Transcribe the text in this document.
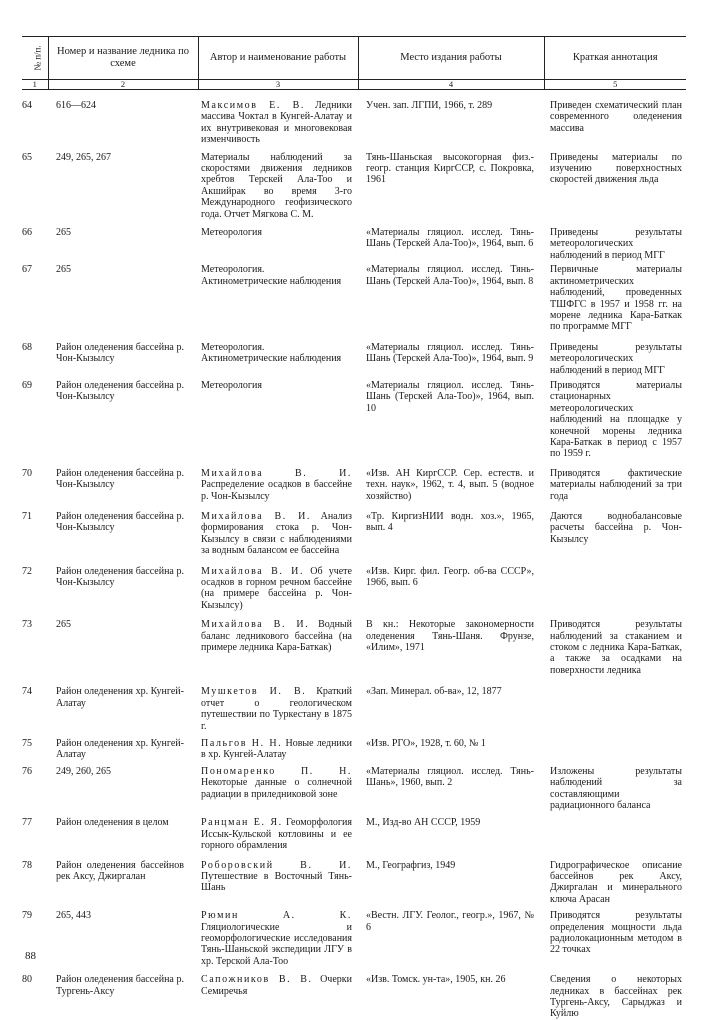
№ п/п.	Номер и название ледника по схеме	Автор и наименование работы	Место издания работы	Краткая аннотация
1	2	3	4	5
64	616—624	Максимов Е. В. Ледники массива Чоктал в Кунгей-Алатау и их внутривековая и многовековая изменчивость	Учен. зап. ЛГПИ, 1966, т. 289	Приведен схематический план современного оледенения массива
65	249, 265, 267	Материалы наблюдений за скоростями движения ледников хребтов Терскей Ала-Тоо и Акшийрак во время 3-го Международного геофизического года. Отчет Мягкова С. М.	Тянь-Шаньская высокогорная физ.-геогр. станция КиргССР, с. Покровка, 1961	Приведены материалы по изучению поверхностных скоростей движения льда
66	265	Метеорология	«Материалы гляциол. исслед. Тянь-Шань (Терскей Ала-Тоо)», 1964, вып. 6	Приведены результаты метеорологических наблюдений в период МГГ
67	265	Метеорология. Актинометрические наблюдения	«Материалы гляциол. исслед. Тянь-Шань (Терскей Ала-Тоо)», 1964, вып. 8	Первичные материалы актинометрических наблюдений, проведенных ТШФГС в 1957 и 1958 гг. на морене ледника Кара-Баткак по программе МГГ
68	Район оледенения бассейна р. Чон-Кызылсу	Метеорология. Актинометрические наблюдения	«Материалы гляциол. исслед. Тянь-Шань (Терскей Ала-Тоо)», 1964, вып. 9	Приведены результаты метеорологических наблюдений в период МГГ
69	Район оледенения бассейна р. Чон-Кызылсу	Метеорология	«Материалы гляциол. исслед. Тянь-Шань (Терскей Ала-Тоо)», 1964, вып. 10	Приводятся материалы стационарных метеорологических наблюдений на площадке у конечной морены ледника Кара-Баткак в период с 1957 по 1959 г.
70	Район оледенения бассейна р. Чон-Кызылсу	Михайлова В. И. Распределение осадков в бассейне р. Чон-Кызылсу	«Изв. АН КиргССР. Сер. естеств. и техн. наук», 1962, т. 4, вып. 5 (водное хозяйство)	Приводятся фактические материалы наблюдений за три года
71	Район оледенения бассейна р. Чон-Кызылсу	Михайлова В. И. Анализ формирования стока р. Чон-Кызылсу в связи с наблюдениями за водным балансом ее бассейна	«Тр. КиргизНИИ водн. хоз.», 1965, вып. 4	Даются воднобалансовые расчеты бассейна р. Чон-Кызылсу
72	Район оледенения бассейна р. Чон-Кызылсу	Михайлова В. И. Об учете осадков в горном речном бассейне (на примере бассейна р. Чон-Кызылсу)	«Изв. Кирг. фил. Геогр. об-ва СССР», 1966, вып. 6	
73	265	Михайлова В. И. Водный баланс ледникового бассейна (на примере ледника Кара-Баткак)	В кн.: Некоторые закономерности оледенения Тянь-Шаня. Фрунзе, «Илим», 1971	Приводятся результаты наблюдений за стаканием и стоком с ледника Кара-Баткак, а также за осадками на поверхности ледника
74	Район оледенения хр. Кунгей-Алатау	Мушкетов И. В. Краткий отчет о геологическом путешествии по Туркестану в 1875 г.	«Зап. Минерал. об-ва», 12, 1877	
75	Район оледенения хр. Кунгей-Алатау	Пальгов Н. Н. Новые ледники в хр. Кунгей-Алатау	«Изв. РГО», 1928, т. 60, № 1	
76	249, 260, 265	Пономаренко П. Н. Некоторые данные о солнечной радиации в приледниковой зоне	«Материалы гляциол. исслед. Тянь-Шань», 1960, вып. 2	Изложены результаты наблюдений за составляющими радиационного баланса
77	Район оледенения в целом	Ранцман Е. Я. Геоморфология Иссык-Кульской котловины и ее горного обрамления	М., Изд-во АН СССР, 1959	
78	Район оледенения бассейнов рек Аксу, Джиргалан	Роборовский В. И. Путешествие в Восточный Тянь-Шань	М., Географгиз, 1949	Гидрографическое описание бассейнов рек Аксу, Джиргалан и минерального ключа Арасан
79	265, 443	Рюмин А. К. Гляциологические и геоморфологические исследования Тянь-Шаньской экспедиции ЛГУ в хр. Терской Ала-Тоо	«Вестн. ЛГУ. Геолог., геогр.», 1967, № 6	Приводятся результаты определения мощности льда радиолокационным методом в 22 точках
80	Район оледенения бассейна р. Тургень-Аксу	Сапожников В. В. Очерки Семиречья	«Изв. Томск. ун-та», 1905, кн. 26	Сведения о некоторых ледниках в бассейнах рек Тургень-Аксу, Сарыджаз и Куйлю
88
